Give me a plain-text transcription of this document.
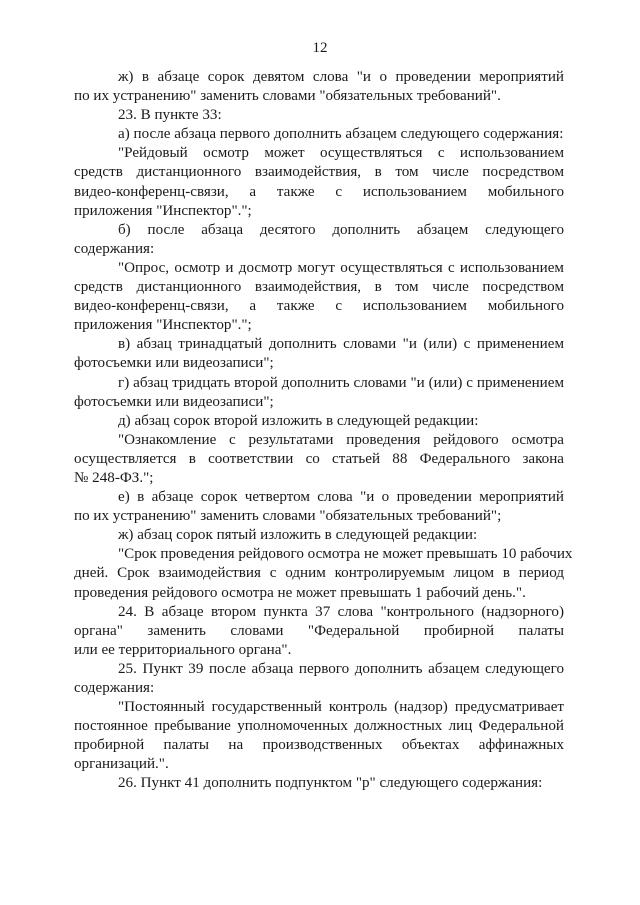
12
ж) в абзаце сорок девятом слова "и о проведении мероприятий
по их устранению" заменить словами "обязательных требований".
23. В пункте 33:
а) после абзаца первого дополнить абзацем следующего содержания:
"Рейдовый осмотр может осуществляться с использованием
средств дистанционного взаимодействия, в том числе посредством
видео-конференц-связи, а также с использованием мобильного
приложения "Инспектор".";
б) после абзаца десятого дополнить абзацем следующего
содержания:
"Опрос, осмотр и досмотр могут осуществляться с использованием
средств дистанционного взаимодействия, в том числе посредством
видео-конференц-связи, а также с использованием мобильного
приложения "Инспектор".";
в) абзац тринадцатый дополнить словами "и (или) с применением
фотосъемки или видеозаписи";
г) абзац тридцать второй дополнить словами "и (или) с применением
фотосъемки или видеозаписи";
д) абзац сорок второй изложить в следующей редакции:
"Ознакомление с результатами проведения рейдового осмотра
осуществляется в соответствии со статьей 88 Федерального закона
№ 248-ФЗ.";
е) в абзаце сорок четвертом слова "и о проведении мероприятий
по их устранению" заменить словами "обязательных требований";
ж) абзац сорок пятый изложить в следующей редакции:
"Срок проведения рейдового осмотра не может превышать 10 рабочих
дней. Срок взаимодействия с одним контролируемым лицом в период
проведения рейдового осмотра не может превышать 1 рабочий день.".
24. В абзаце втором пункта 37 слова "контрольного (надзорного)
органа" заменить словами "Федеральной пробирной палаты
или ее территориального органа".
25. Пункт 39 после абзаца первого дополнить абзацем следующего
содержания:
"Постоянный государственный контроль (надзор) предусматривает
постоянное пребывание уполномоченных должностных лиц Федеральной
пробирной палаты на производственных объектах аффинажных
организаций.".
26. Пункт 41 дополнить подпунктом "р" следующего содержания:
